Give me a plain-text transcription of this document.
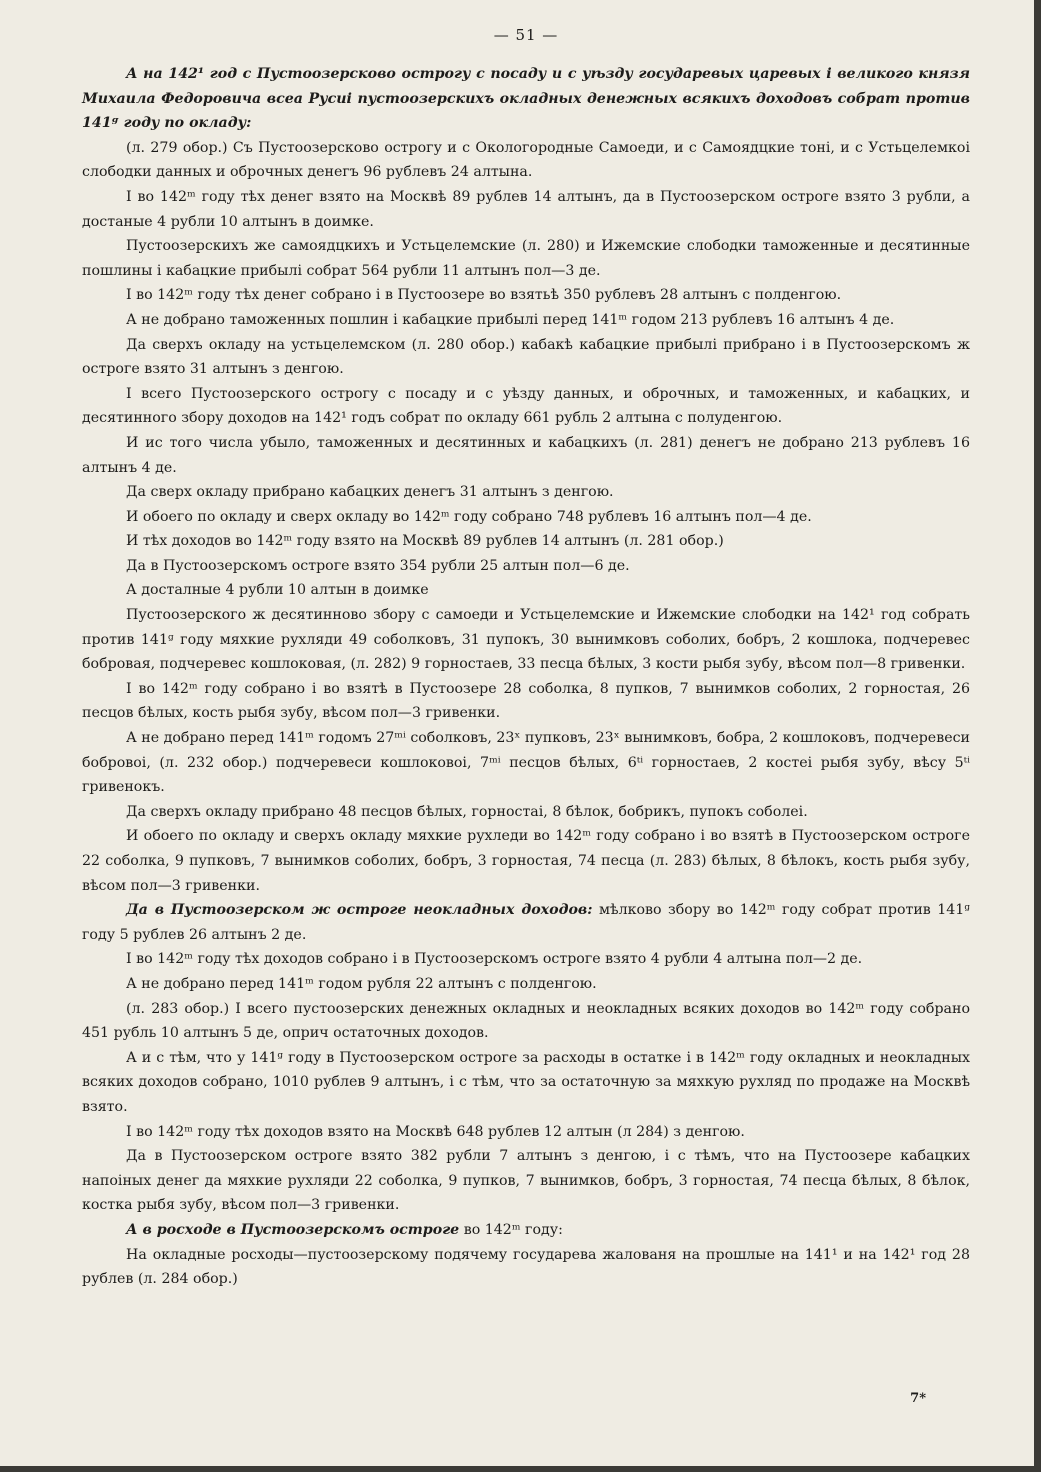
— 51 —

А на 142¹ год с Пустоозерсково острогу с посаду и с уѣзду государевых царевых і великого князя Михаила Федоровича всеа Русиі пустоозерскихъ окладных денежных всякихъ доходовъ собрат против 141ᵍ году по окладу:

(л. 279 обор.) Съ Пустоозерсково острогу и с Окологородные Самоеди, и с Самоядцкие тоні, и с Устьцелемкоі слободки данных и оброчных денегъ 96 рублевъ 24 алтына.

I во 142ᵐ году тѣх денег взято на Москвѣ 89 рублев 14 алтынъ, да в Пустоозерском остроге взято 3 рубли, а достаные 4 рубли 10 алтынъ в доимке.

Пустоозерскихъ же самоядцкихъ и Устьцелемские (л. 280) и Ижемские слободки таможенные и десятинные пошлины і кабацкие прибылі собрат 564 рубли 11 алтынъ пол—3 де.

I во 142ᵐ году тѣх денег собрано і в Пустоозере во взятьѣ 350 рублевъ 28 алтынъ с полденгою.

А не добрано таможенных пошлин і кабацкие прибылі перед 141ᵐ годом 213 рублевъ 16 алтынъ 4 де.

Да сверхъ окладу на устьцелемском (л. 280 обор.) кабакѣ кабацкие прибылі прибрано і в Пустоозерскомъ ж остроге взято 31 алтынъ з денгою.

I всего Пустоозерского острогу с посаду и с уѣзду данных, и оброчных, и таможенных, и кабацких, и десятинного збору доходов на 142¹ годъ собрат по окладу 661 рубль 2 алтына с полуденгою.

И ис того числа убыло, таможенных и десятинных и кабацкихъ (л. 281) денегъ не добрано 213 рублевъ 16 алтынъ 4 де.

Да сверх окладу прибрано кабацких денегъ 31 алтынъ з денгою.

И обоего по окладу и сверх окладу во 142ᵐ году собрано 748 рублевъ 16 алтынъ пол—4 де.

И тѣх доходов во 142ᵐ году взято на Москвѣ 89 рублев 14 алтынъ (л. 281 обор.)

Да в Пустоозерскомъ остроге взято 354 рубли 25 алтын пол—6 де.

А досталные 4 рубли 10 алтын в доимке

Пустоозерского ж десятинново збору с самоеди и Устьцелемские и Ижемские слободки на 142¹ год собрать против 141ᵍ году мяхкие рухляди 49 соболковъ, 31 пупокъ, 30 вынимковъ соболих, бобръ, 2 кошлока, подчеревеc бобровая, подчеревеc кошлоковая, (л. 282) 9 горностаев, 33 песца бѣлых, 3 кости рыбя зубу, вѣсом пол—8 гривенки.

I во 142ᵐ году собрано і во взятѣ в Пустоозере 28 соболка, 8 пупков, 7 вынимков соболих, 2 горностая, 26 песцов бѣлых, кость рыбя зубу, вѣсом пол—3 гривенки.

А не добрано перед 141ᵐ годомъ 27ᵐⁱ соболковъ, 23ˣ пупковъ, 23ˣ вынимковъ, бобра, 2 кошлоковъ, подчеревеси бобровоі, (л. 232 обор.) подчеревеси кошлоковоі, 7ᵐⁱ песцов бѣлых, 6ᵗⁱ горностаев, 2 костеі рыбя зубу, вѣсу 5ᵗⁱ гривенокъ.

Да сверхъ окладу прибрано 48 песцов бѣлых, горностаі, 8 бѣлок, бобрикъ, пупокъ соболеі.

И обоего по окладу и сверхъ окладу мяхкие рухледи во 142ᵐ году собрано і во взятѣ в Пустоозерском остроге 22 соболка, 9 пупковъ, 7 вынимков соболих, бобръ, 3 горностая, 74 песца (л. 283) бѣлых, 8 бѣлокъ, кость рыбя зубу, вѣсом пол—3 гривенки.

Да в Пустоозерском ж остроге неокладных доходов: мѣлково збору во 142ᵐ году собрат против 141ᵍ году 5 рублев 26 алтынъ 2 де.

I во 142ᵐ году тѣх доходов собрано і в Пустоозерскомъ остроге взято 4 рубли 4 алтына пол—2 де.

А не добрано перед 141ᵐ годом рубля 22 алтынъ с полденгою.

(л. 283 обор.) I всего пустоозерских денежных окладных и неокладных всяких доходов во 142ᵐ году собрано 451 рубль 10 алтынъ 5 де, оприч остаточных доходов.

А и с тѣм, что у 141ᵍ году в Пустоозерском остроге за расходы в остатке і в 142ᵐ году окладных и неокладных всяких доходов собрано, 1010 рублев 9 алтынъ, і с тѣм, что за остаточную за мяхкую рухляд по продаже на Москвѣ взято.

I во 142ᵐ году тѣх доходов взято на Москвѣ 648 рублев 12 алтын (л 284) з денгою.

Да в Пустоозерском остроге взято 382 рубли 7 алтынъ з денгою, і с тѣмъ, что на Пустоозере кабацких напоіных денег да мяхкие рухляди 22 соболка, 9 пупков, 7 вынимков, бобръ, 3 горностая, 74 песца бѣлых, 8 бѣлок, костка рыбя зубу, вѣсом пол—3 гривенки.

А в росходе в Пустоозерскомъ остроге во 142ᵐ году:

На окладные росходы—пустоозерскому подячему государева жалованя на прошлые на 141¹ и на 142¹ год 28 рублев (л. 284 обор.)

7*
